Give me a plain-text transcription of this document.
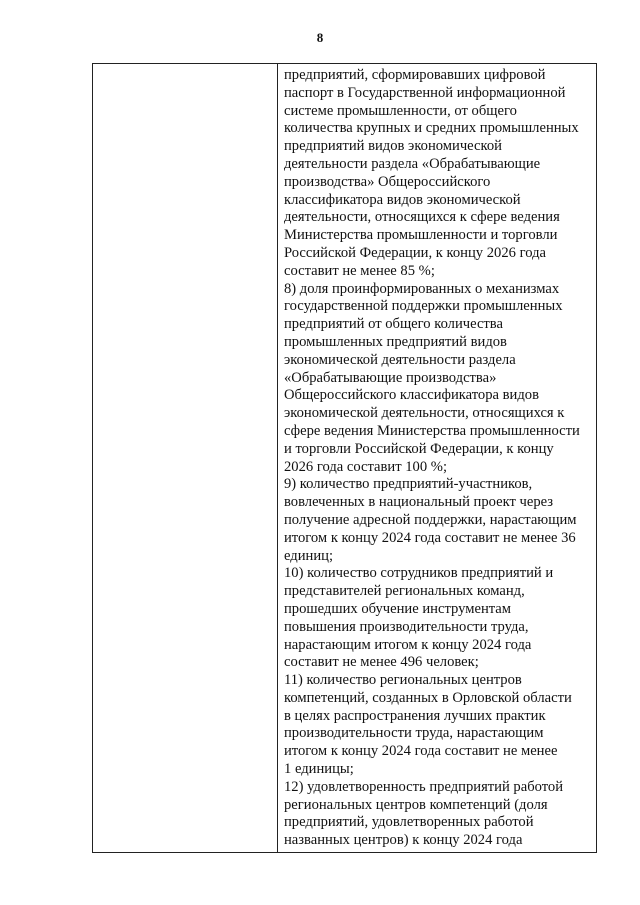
8
предприятий, сформировавших цифровой
паспорт в Государственной информационной
системе промышленности, от общего
количества крупных и средних промышленных
предприятий видов экономической
деятельности раздела «Обрабатывающие
производства» Общероссийского
классификатора видов экономической
деятельности, относящихся к сфере ведения
Министерства промышленности и торговли
Российской Федерации, к концу 2026 года
составит не менее 85 %;
8) доля проинформированных о механизмах
государственной поддержки промышленных
предприятий от общего количества
промышленных предприятий видов
экономической деятельности раздела
«Обрабатывающие производства»
Общероссийского классификатора видов
экономической деятельности, относящихся к
сфере ведения Министерства промышленности
и торговли Российской Федерации, к концу
2026 года составит 100 %;
9) количество предприятий-участников,
вовлеченных в национальный проект через
получение адресной поддержки, нарастающим
итогом к концу 2024 года составит не менее 36
единиц;
10) количество сотрудников предприятий и
представителей региональных команд,
прошедших обучение инструментам
повышения производительности труда,
нарастающим итогом к концу 2024 года
составит не менее 496 человек;
11) количество региональных центров
компетенций, созданных в Орловской области
в целях распространения лучших практик
производительности труда, нарастающим
итогом к концу 2024 года составит не менее
1 единицы;
12) удовлетворенность предприятий работой
региональных центров компетенций (доля
предприятий, удовлетворенных работой
названных центров) к концу 2024 года
